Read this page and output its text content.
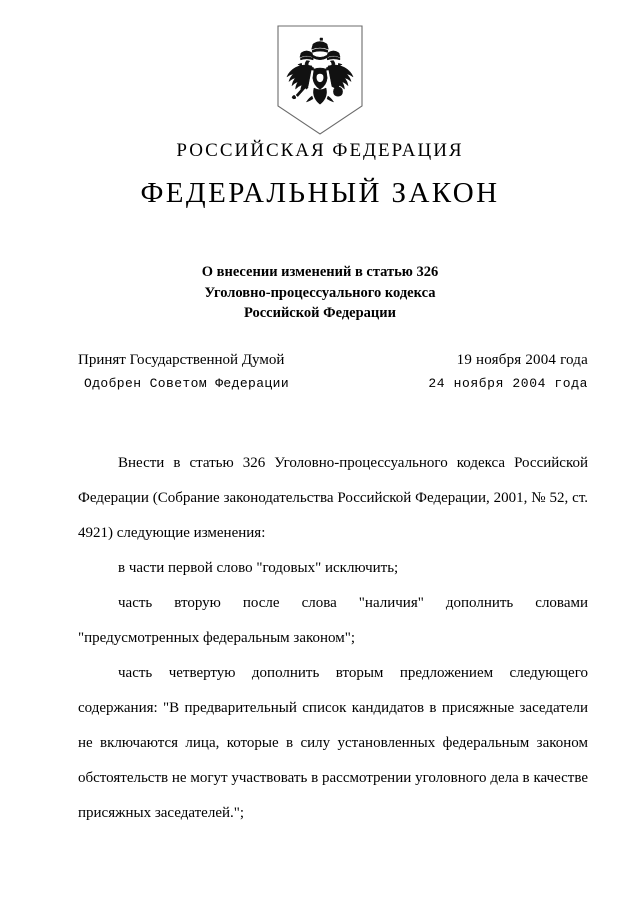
РОССИЙСКАЯ ФЕДЕРАЦИЯ
ФЕДЕРАЛЬНЫЙ ЗАКОН
О внесении изменений в статью 326
Уголовно-процессуального кодекса
Российской Федерации
Принят Государственной Думой	19 ноября 2004 года
Одобрен Советом Федерации	24 ноября 2004 года

Внести в статью 326 Уголовно-процессуального кодекса Российской Федерации (Собрание законодательства Российской Федерации, 2001, № 52, ст. 4921) следующие изменения:

в части первой слово "годовых" исключить;

часть вторую после слова "наличия" дополнить словами "предусмотренных федеральным законом";

часть четвертую дополнить вторым предложением следующего содержания: "В предварительный список кандидатов в присяжные заседатели не включаются лица, которые в силу установленных федеральным законом обстоятельств не могут участвовать в рассмотрении уголовного дела в качестве присяжных заседателей.";
